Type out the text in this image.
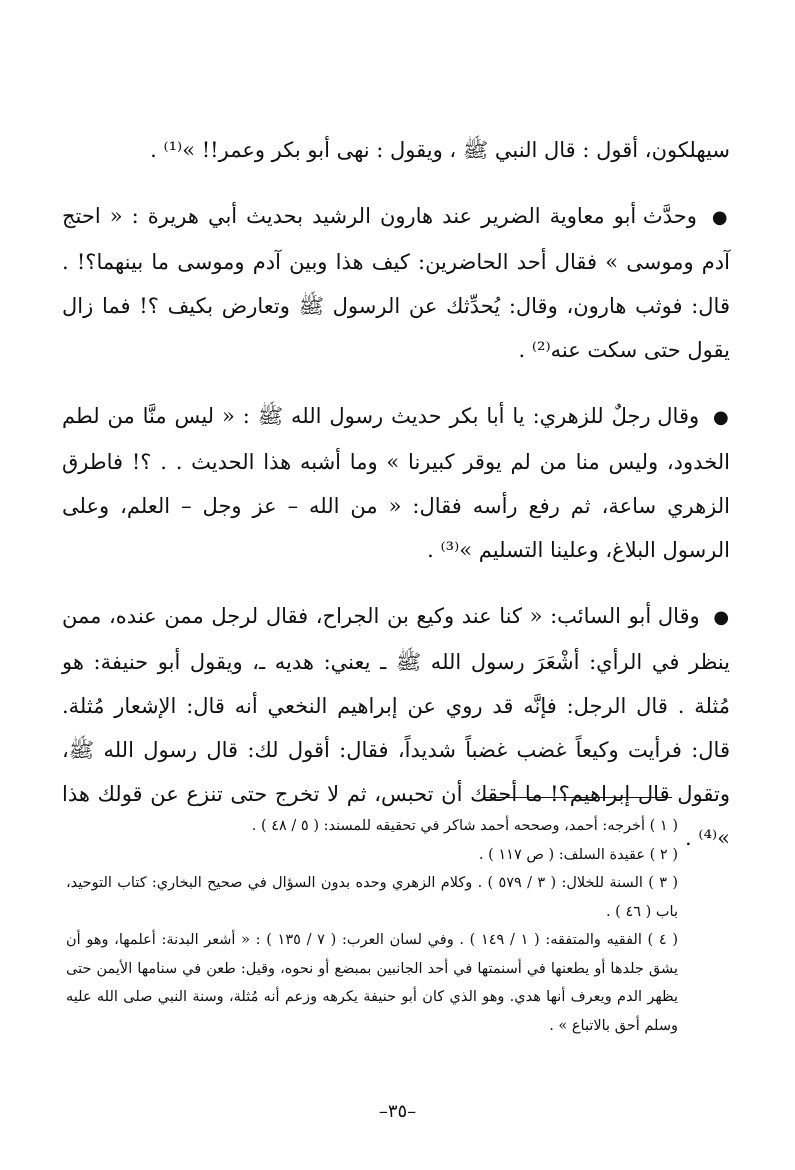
سيهلكون، أقول : قال النبي ﷺ ، ويقول : نهى أبو بكر وعمر!! »⁽¹⁾ .

● وحدَّث أبو معاوية الضرير عند هارون الرشيد بحديث أبي هريرة : « احتج آدم وموسى » فقال أحد الحاضرين: كيف هذا وبين آدم وموسى ما بينهما؟! . قال: فوثب هارون، وقال: يُحدِّثك عن الرسول ﷺ وتعارض بكيف ؟! فما زال يقول حتى سكت عنه⁽²⁾ .

● وقال رجلٌ للزهري: يا أبا بكر حديث رسول الله ﷺ : « ليس منَّا من لطم الخدود، وليس منا من لم يوقر كبيرنا » وما أشبه هذا الحديث . . ؟! فاطرق الزهري ساعة، ثم رفع رأسه فقال: « من الله – عز وجل – العلم، وعلى الرسول البلاغ، وعلينا التسليم »⁽³⁾ .

● وقال أبو السائب: « كنا عند وكيع بن الجراح، فقال لرجل ممن عنده، ممن ينظر في الرأي: أشْعَرَ رسول الله ﷺ ـ يعني: هديه ـ، ويقول أبو حنيفة: هو مُثلة . قال الرجل: فإنَّه قد روي عن إبراهيم النخعي أنه قال: الإشعار مُثلة. قال: فرأيت وكيعاً غضب غضباً شديداً، فقال: أقول لك: قال رسول الله ﷺ، وتقول قال إبراهيم؟! ما أحقك أن تحبس، ثم لا تخرج حتى تنزع عن قولك هذا »⁽⁴⁾ .

( ١ ) أخرجه: أحمد، وصححه أحمد شاكر في تحقيقه للمسند: ( ٥ / ٤٨ ) .

( ٢ ) عقيدة السلف: ( ص ١١٧ ) .

( ٣ ) السنة للخلال: ( ٣ / ٥٧٩ ) . وكلام الزهري وحده بدون السؤال في صحيح البخاري: كتاب التوحيد، باب ( ٤٦ ) .

( ٤ ) الفقيه والمتفقه: ( ١ / ١٤٩ ) . وفي لسان العرب: ( ٧ / ١٣٥ ) : « أشعر البدنة: أعلمها، وهو أن يشق جلدها أو يطعنها في أسنمتها في أحد الجانبين بمبضع أو نحوه، وقيل: طعن في سنامها الأيمن حتى يظهر الدم ويعرف أنها هدي. وهو الذي كان أبو حنيفة يكرهه وزعم أنه مُثلة، وسنة النبي صلى الله عليه وسلم أحق بالاتباع » .

–٣٥–
